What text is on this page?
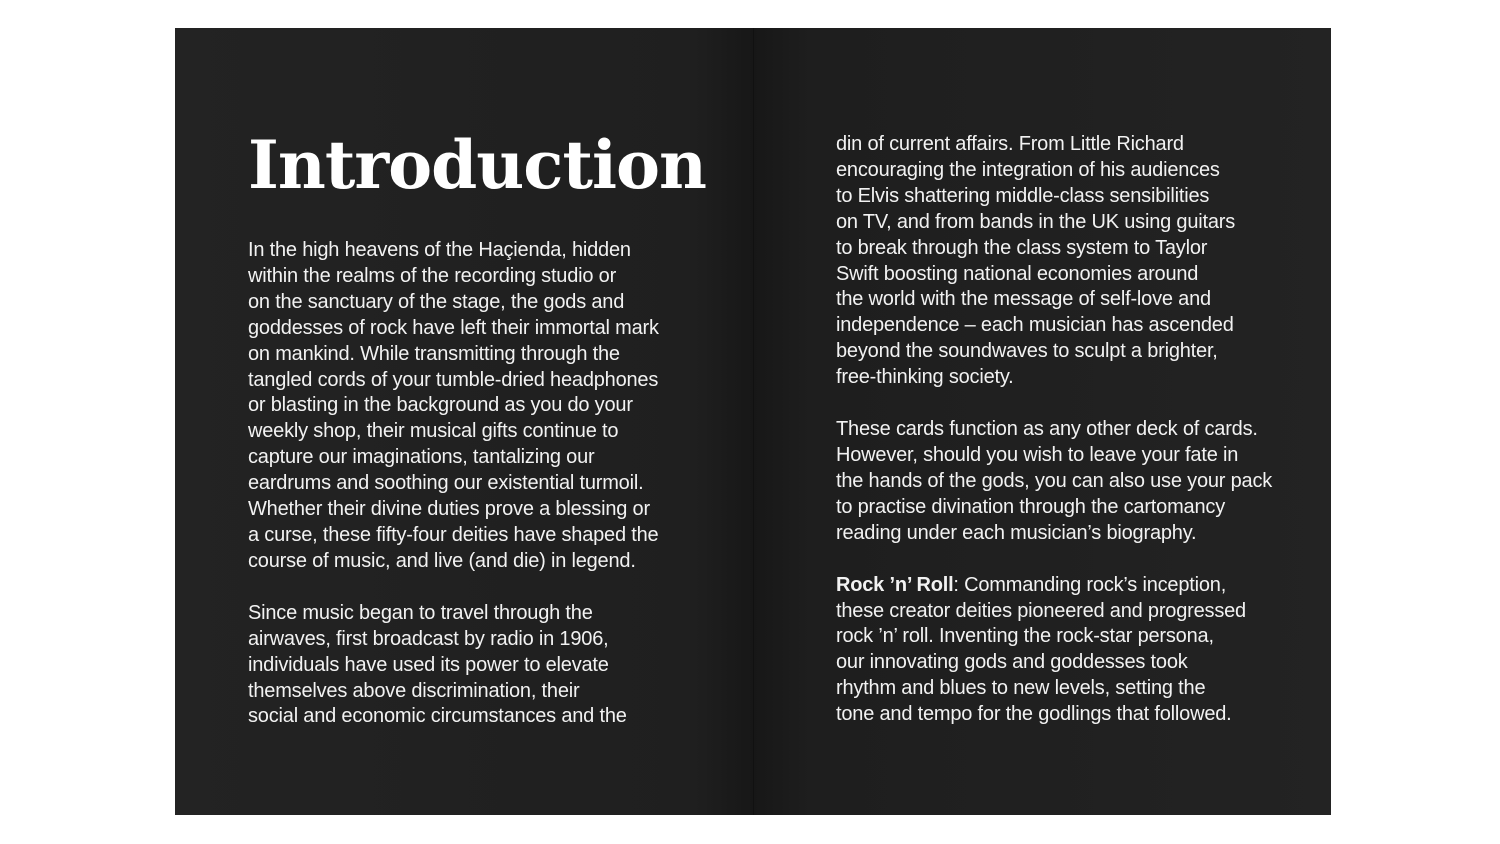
Introduction

In the high heavens of the Haçienda, hidden
within the realms of the recording studio or
on the sanctuary of the stage, the gods and
goddesses of rock have left their immortal mark
on mankind. While transmitting through the
tangled cords of your tumble-dried headphones
or blasting in the background as you do your
weekly shop, their musical gifts continue to
capture our imaginations, tantalizing our
eardrums and soothing our existential turmoil.
Whether their divine duties prove a blessing or
a curse, these fifty-four deities have shaped the
course of music, and live (and die) in legend.

Since music began to travel through the
airwaves, first broadcast by radio in 1906,
individuals have used its power to elevate
themselves above discrimination, their
social and economic circumstances and the

din of current affairs. From Little Richard
encouraging the integration of his audiences
to Elvis shattering middle-class sensibilities
on TV, and from bands in the UK using guitars
to break through the class system to Taylor
Swift boosting national economies around
the world with the message of self-love and
independence – each musician has ascended
beyond the soundwaves to sculpt a brighter,
free-thinking society.

These cards function as any other deck of cards.
However, should you wish to leave your fate in
the hands of the gods, you can also use your pack
to practise divination through the cartomancy
reading under each musician’s biography.

Rock ’n’ Roll: Commanding rock’s inception,
these creator deities pioneered and progressed
rock ’n’ roll. Inventing the rock-star persona,
our innovating gods and goddesses took
rhythm and blues to new levels, setting the
tone and tempo for the godlings that followed.
